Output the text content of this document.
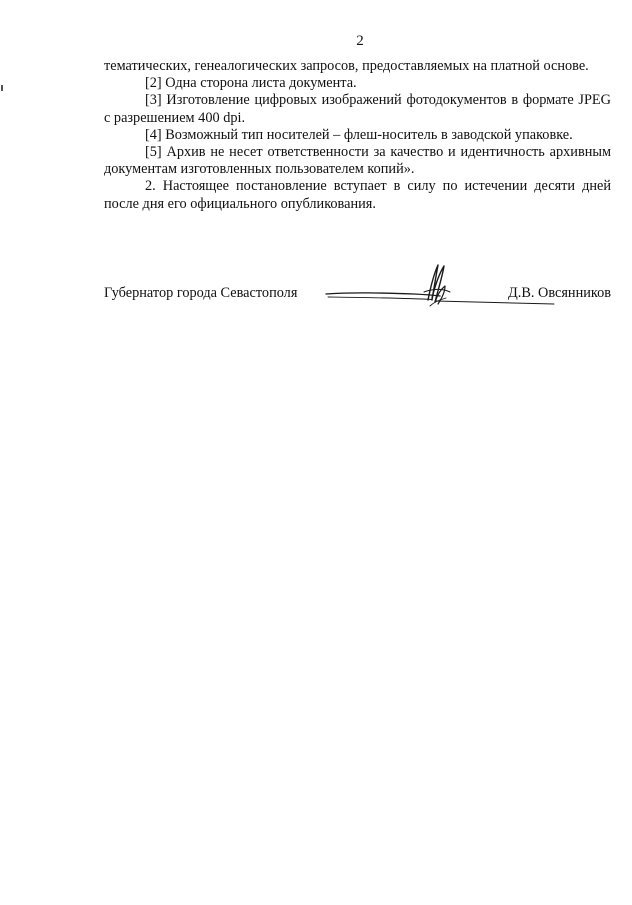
2

тематических, генеалогических запросов, предоставляемых на платной основе.

[2] Одна сторона листа документа.

[3] Изготовление цифровых изображений фотодокументов в формате JPEG с разрешением 400 dpi.

[4] Возможный тип носителей – флеш-носитель в заводской упаковке.

[5] Архив не несет ответственности за качество и идентичность архивным документам изготовленных пользователем копий».

2. Настоящее постановление вступает в силу по истечении десяти дней после дня его официального опубликования.

Губернатор города Севастополя	Д.В. Овсянников
